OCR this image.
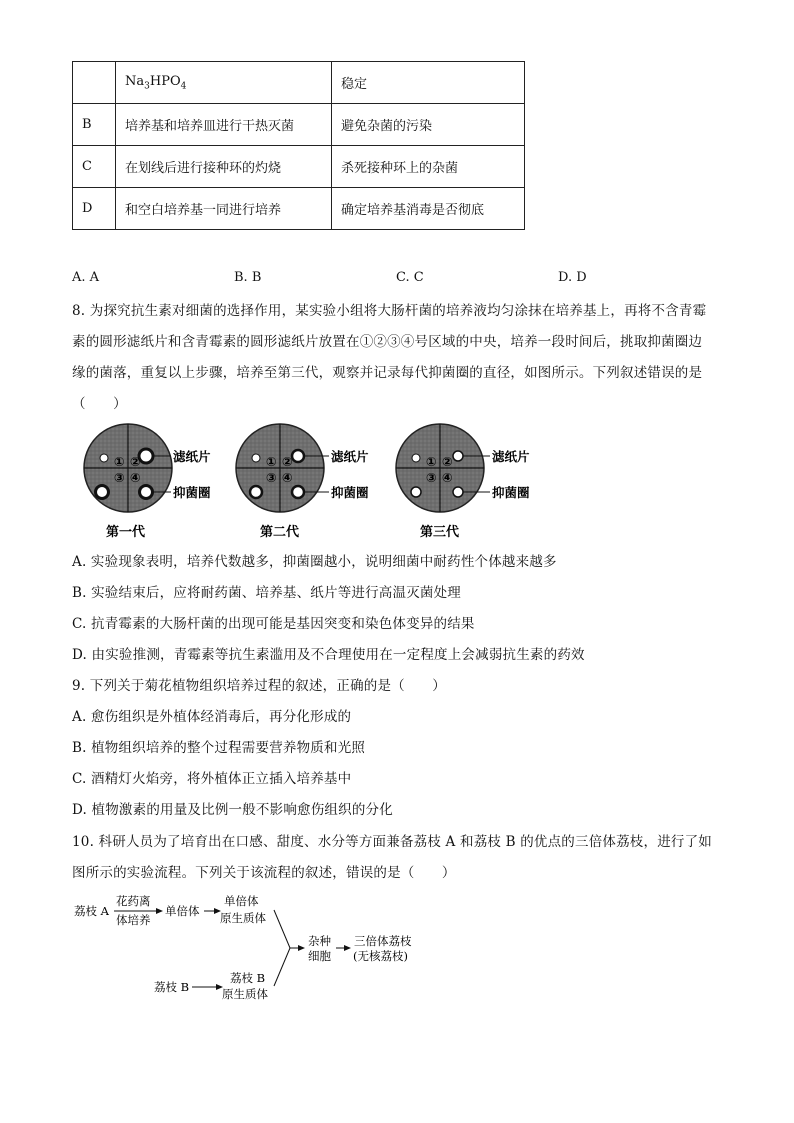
	$Na_3HPO_4$	稳定
B	培养基和培养皿进行干热灭菌	避免杂菌的污染
C	在划线后进行接种环的灼烧	杀死接种环上的杂菌
D	和空白培养基一同进行培养	确定培养基消毒是否彻底
A. A	B. B	C. C	D. D
8. 为探究抗生素对细菌的选择作用，某实验小组将大肠杆菌的培养液均匀涂抹在培养基上，再将不含青霉
素的圆形滤纸片和含青霉素的圆形滤纸片放置在①②③④号区域的中央，培养一段时间后，挑取抑菌圈边
缘的菌落，重复以上步骤，培养至第三代，观察并记录每代抑菌圈的直径，如图所示。下列叙述错误的是
（　　）
① ②
③ ④
滤纸片
抑菌圈
第一代
① ②
③ ④
滤纸片
抑菌圈
第二代
① ②
③ ④
滤纸片
抑菌圈
第三代
A. 实验现象表明，培养代数越多，抑菌圈越小，说明细菌中耐药性个体越来越多
B. 实验结束后，应将耐药菌、培养基、纸片等进行高温灭菌处理
C. 抗青霉素的大肠杆菌的出现可能是基因突变和染色体变异的结果
D. 由实验推测，青霉素等抗生素滥用及不合理使用在一定程度上会减弱抗生素的药效
9. 下列关于菊花植物组织培养过程的叙述，正确的是（　　）
A. 愈伤组织是外植体经消毒后，再分化形成的
B. 植物组织培养的整个过程需要营养物质和光照
C. 酒精灯火焰旁，将外植体正立插入培养基中
D. 植物激素的用量及比例一般不影响愈伤组织的分化
10. 科研人员为了培育出在口感、甜度、水分等方面兼备荔枝 A 和荔枝 B 的优点的三倍体荔枝，进行了如
图所示的实验流程。下列关于该流程的叙述，错误的是（　　）
荔枝 A
花药离
体培养
单倍体
单倍体
原生质体
荔枝 B
荔枝 B
原生质体
杂种
细胞
三倍体荔枝
(无核荔枝)
